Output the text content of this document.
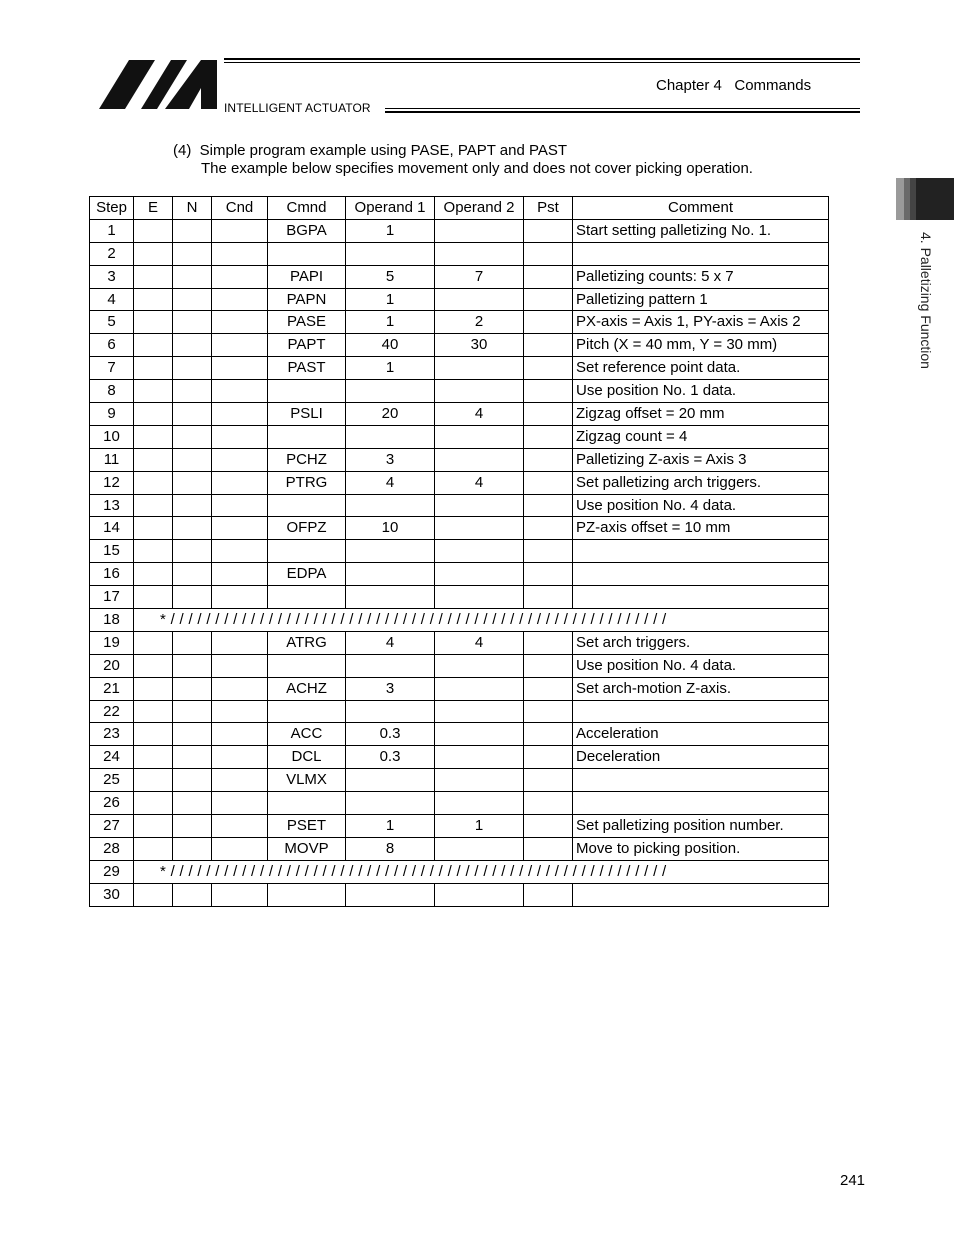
INTELLIGENT ACTUATOR
Chapter 4   Commands
4. Palletizing Function
(4)  Simple program example using PASE, PAPT and PAST
The example below specifies movement only and does not cover picking operation.
Step	E	N	Cnd	Cmnd	Operand 1	Operand 2	Pst	Comment
1				BGPA	1			Start setting palletizing No. 1.
2								
3				PAPI	5	7		Palletizing counts: 5 x 7
4				PAPN	1			Palletizing pattern 1
5				PASE	1	2		PX-axis = Axis 1, PY-axis = Axis 2
6				PAPT	40	30		Pitch (X = 40 mm, Y = 30 mm)
7				PAST	1			Set reference point data.
8								Use position No. 1 data.
9				PSLI	20	4		Zigzag offset = 20 mm
10								Zigzag count = 4
11				PCHZ	3			Palletizing Z-axis = Axis 3
12				PTRG	4	4		Set palletizing arch triggers.
13								Use position No. 4 data.
14				OFPZ	10			PZ-axis offset = 10 mm
15								
16				EDPA				
17								
18	* / / / / / / / / / / / / / / / / / / / / / / / / / / / / / / / / / / / / / / / / / / / / / / / / / / / / / / / /							
19				ATRG	4	4		Set arch triggers.
20								Use position No. 4 data.
21				ACHZ	3			Set arch-motion Z-axis.
22								
23				ACC	0.3			Acceleration
24				DCL	0.3			Deceleration
25				VLMX				
26								
27				PSET	1	1		Set palletizing position number.
28				MOVP	8			Move to picking position.
29	* / / / / / / / / / / / / / / / / / / / / / / / / / / / / / / / / / / / / / / / / / / / / / / / / / / / / / / / /							
30								
241
